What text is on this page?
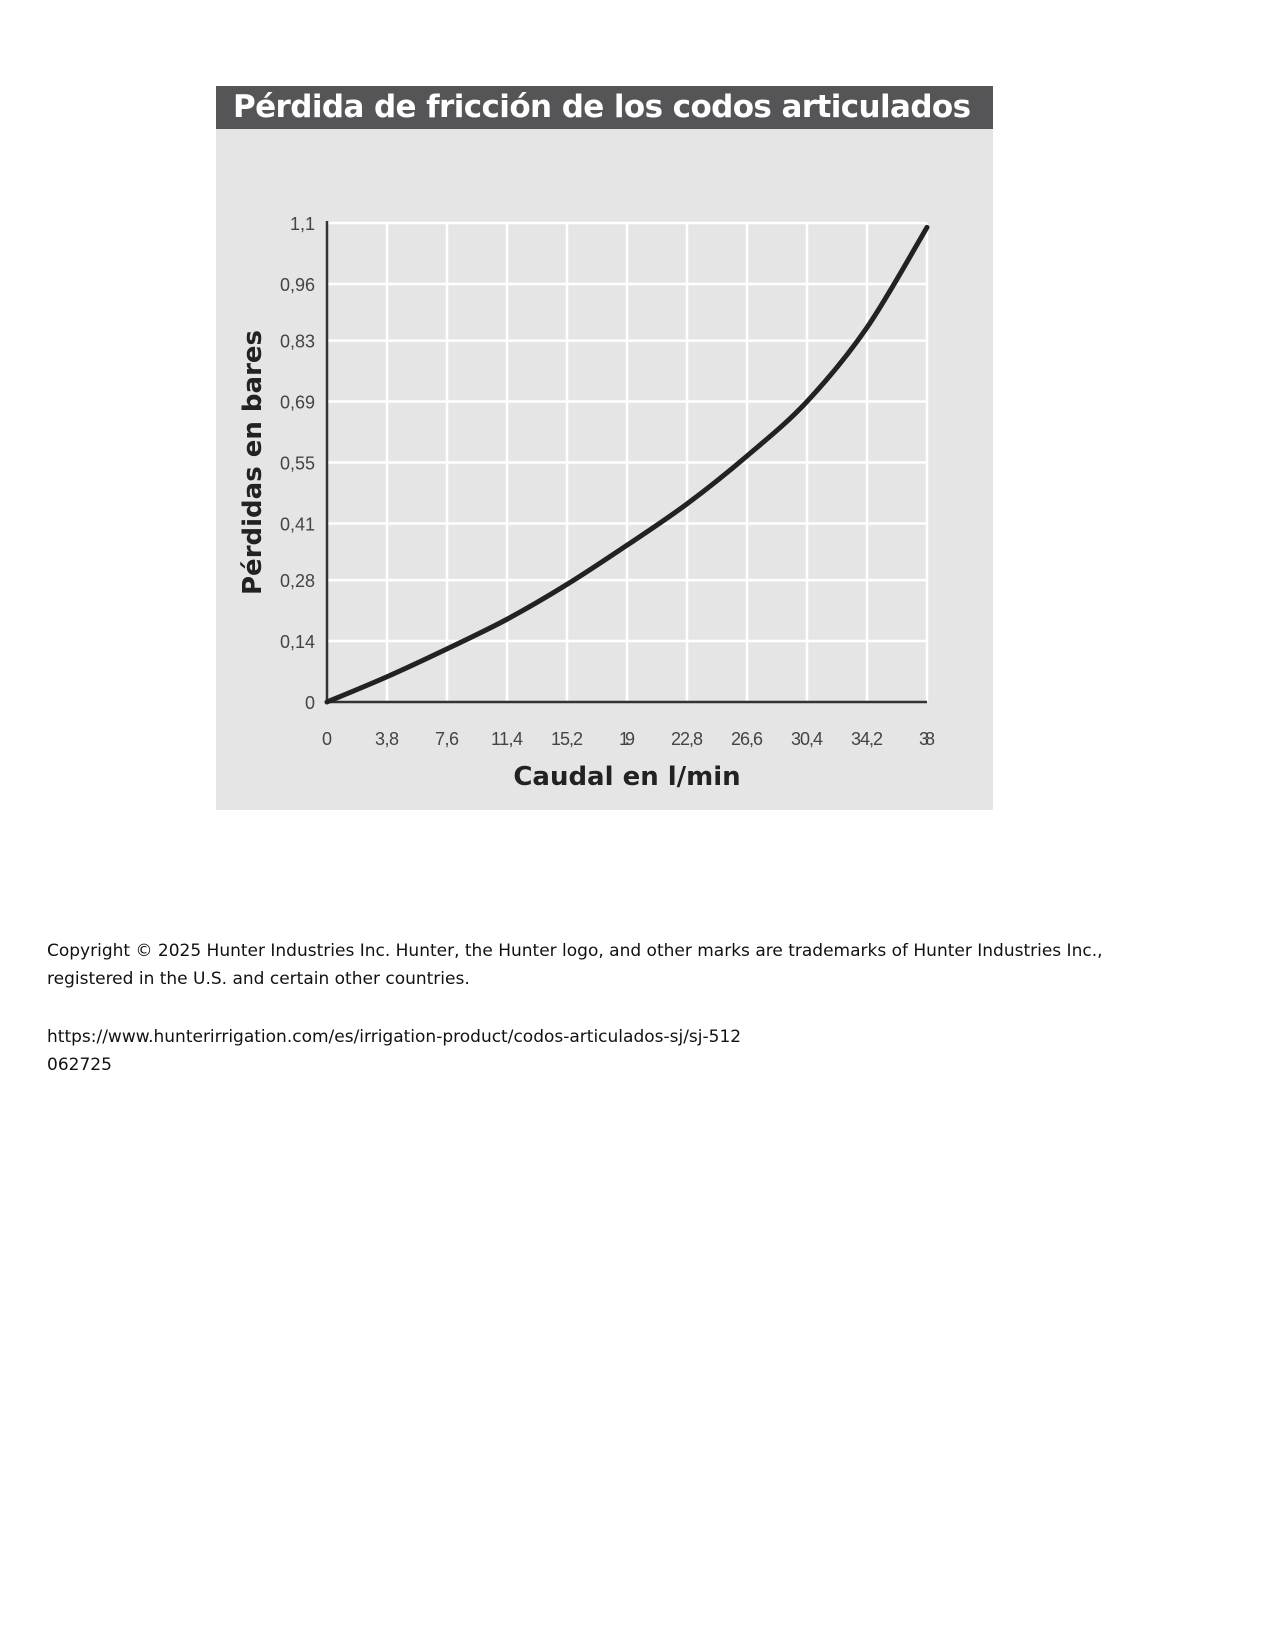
0 3,8 7,6 11,4 15,2 19 22,8 26,6 30,4 34,2 38
0
0,14
0,28
0,41
0,55
0,69
0,83
0,96
1,1
Caudal en l/min
Pérdidas en bares
Pérdida de fricción de los codos articulados
Copyright © 2025 Hunter Industries Inc. Hunter, the Hunter logo, and other marks are trademarks of Hunter Industries Inc.,
registered in the U.S. and certain other countries.
https://www.hunterirrigation.com/es/irrigation-product/codos-articulados-sj/sj-512
062725
